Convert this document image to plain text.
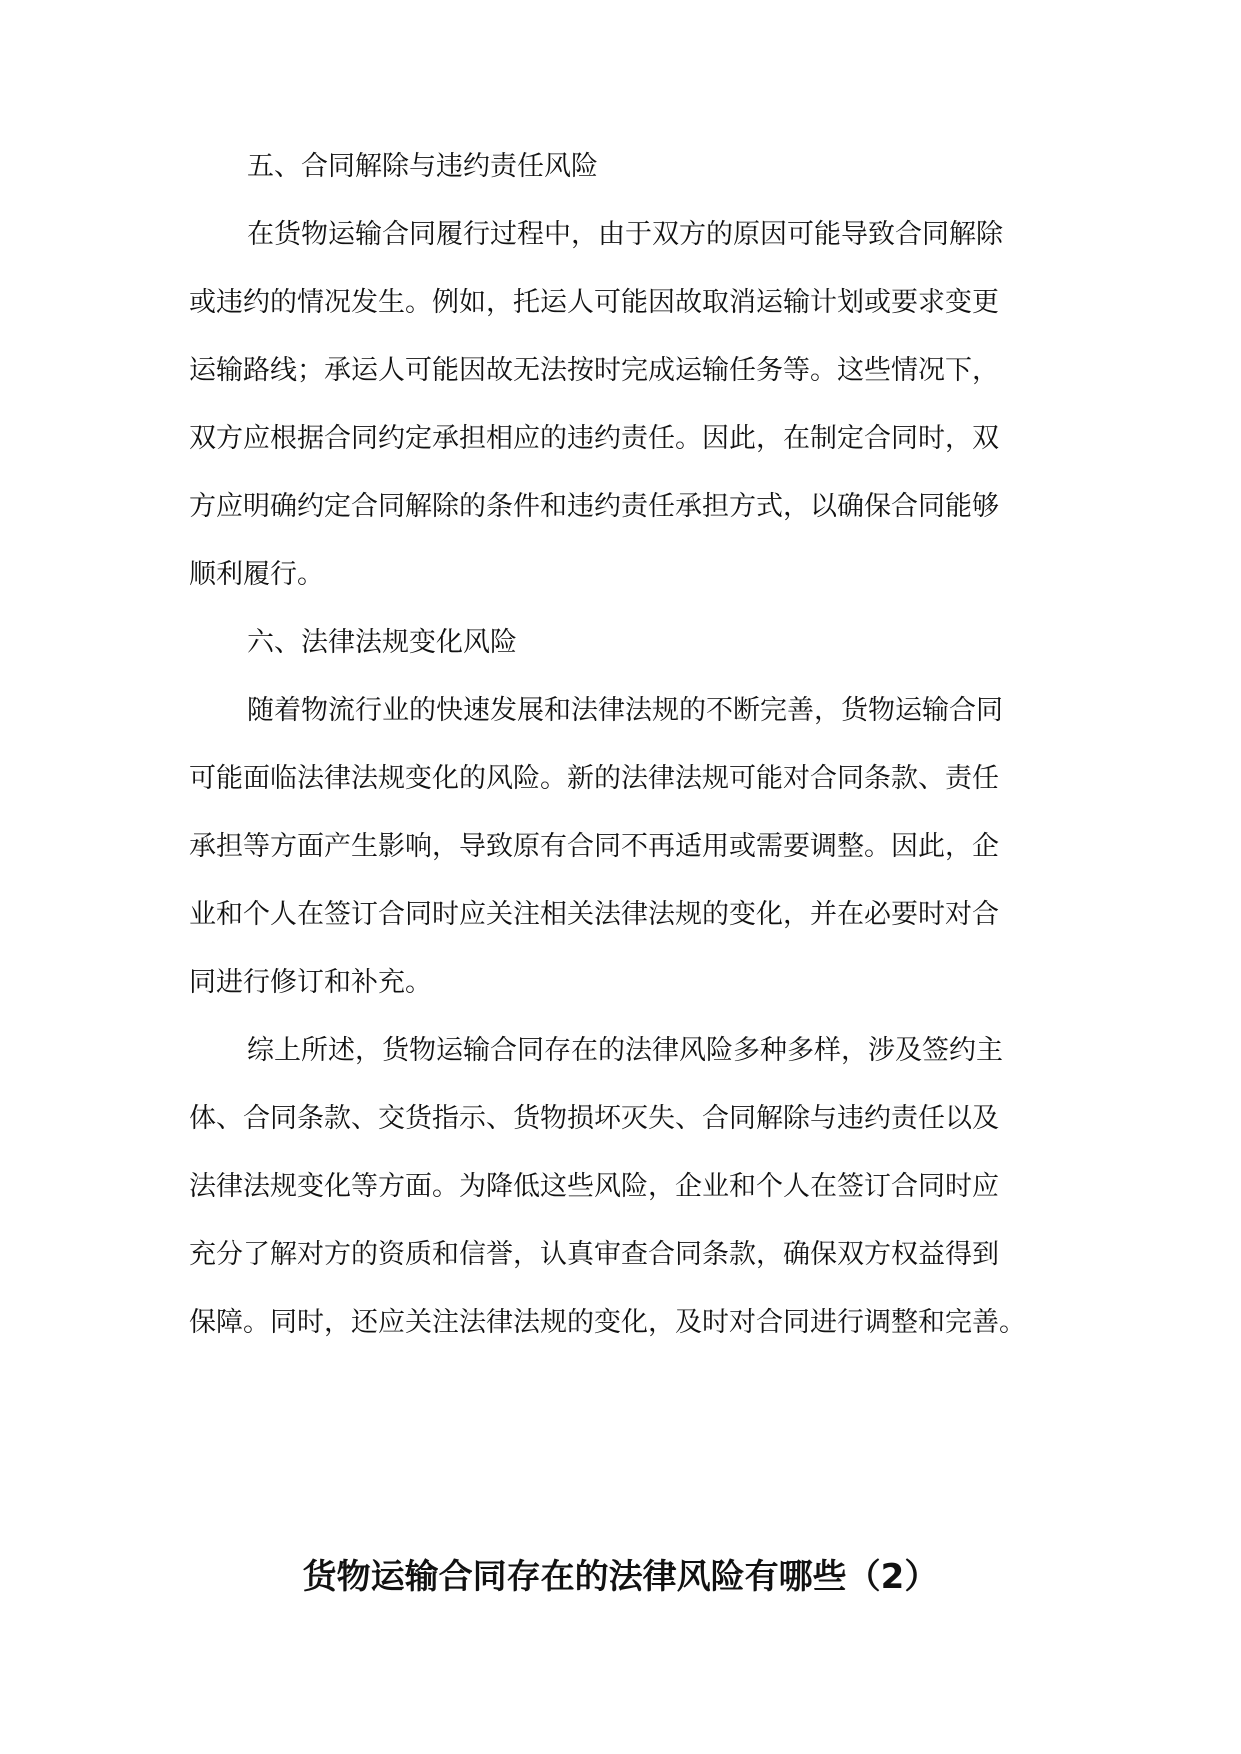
五、合同解除与违约责任风险

在货物运输合同履行过程中，由于双方的原因可能导致合同解除

或违约的情况发生。例如，托运人可能因故取消运输计划或要求变更

运输路线；承运人可能因故无法按时完成运输任务等。这些情况下，

双方应根据合同约定承担相应的违约责任。因此，在制定合同时，双

方应明确约定合同解除的条件和违约责任承担方式，以确保合同能够

顺利履行。

六、法律法规变化风险

随着物流行业的快速发展和法律法规的不断完善，货物运输合同

可能面临法律法规变化的风险。新的法律法规可能对合同条款、责任

承担等方面产生影响，导致原有合同不再适用或需要调整。因此，企

业和个人在签订合同时应关注相关法律法规的变化，并在必要时对合

同进行修订和补充。

综上所述，货物运输合同存在的法律风险多种多样，涉及签约主

体、合同条款、交货指示、货物损坏灭失、合同解除与违约责任以及

法律法规变化等方面。为降低这些风险，企业和个人在签订合同时应

充分了解对方的资质和信誉，认真审查合同条款，确保双方权益得到

保障。同时，还应关注法律法规的变化，及时对合同进行调整和完善。

货物运输合同存在的法律风险有哪些（2）
